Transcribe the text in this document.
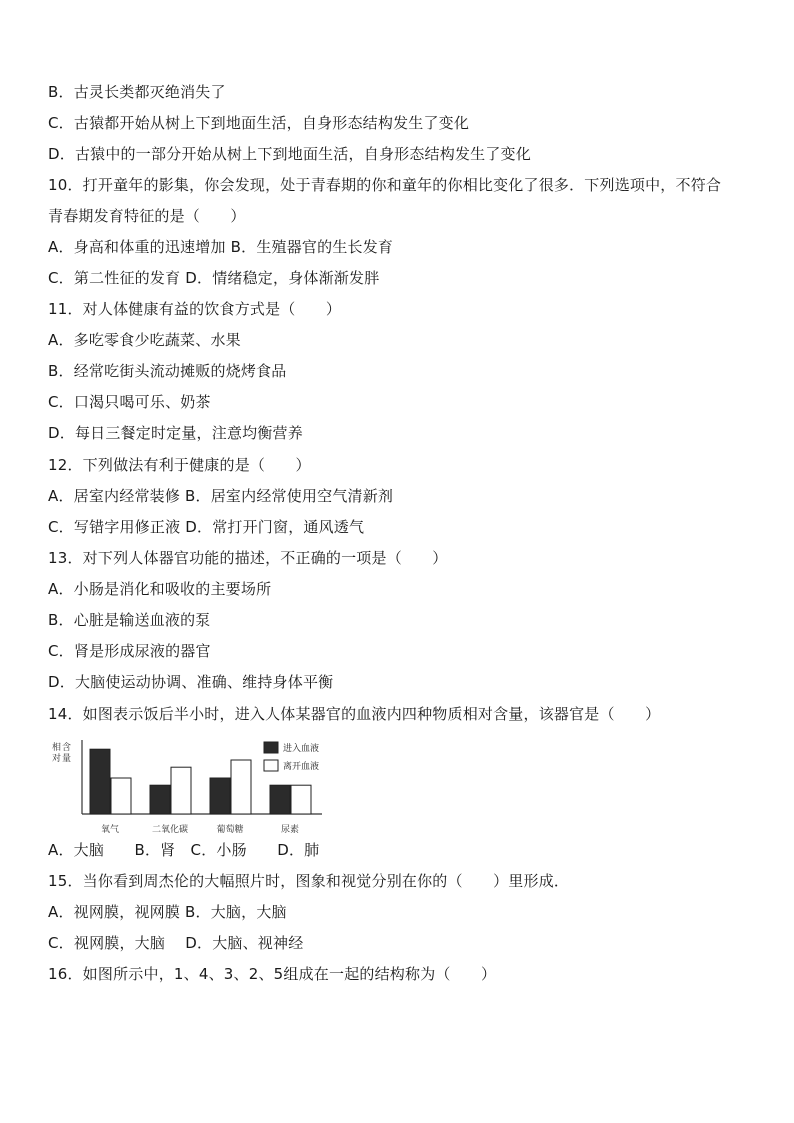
B．古灵长类都灭绝消失了
C．古猿都开始从树上下到地面生活，自身形态结构发生了变化
D．古猿中的一部分开始从树上下到地面生活，自身形态结构发生了变化
10．打开童年的影集，你会发现，处于青春期的你和童年的你相比变化了很多．下列选项中，不符合
青春期发育特征的是（　　）
A．身高和体重的迅速增加 B．生殖器官的生长发育
C．第二性征的发育 D．情绪稳定，身体渐渐发胖
11．对人体健康有益的饮食方式是（　　）
A．多吃零食少吃蔬菜、水果
B．经常吃街头流动摊贩的烧烤食品
C．口渴只喝可乐、奶茶
D．每日三餐定时定量，注意均衡营养
12．下列做法有利于健康的是（　　）
A．居室内经常装修 B．居室内经常使用空气清新剂
C．写错字用修正液 D．常打开门窗，通风透气
13．对下列人体器官功能的描述，不正确的一项是（　　）
A．小肠是消化和吸收的主要场所
B．心脏是输送血液的泵
C．肾是形成尿液的器官
D．大脑使运动协调、准确、维持身体平衡
14．如图表示饭后半小时，进入人体某器官的血液内四种物质相对含量，该器官是（　　）
相
对
含
量
氧气	二氧化碳	葡萄糖	尿素
进入血液
离开血液
A．大脑　　B．肾　C．小肠　　D．肺
15．当你看到周杰伦的大幅照片时，图象和视觉分别在你的（　　）里形成．
A．视网膜，视网膜 B．大脑，大脑
C．视网膜，大脑　 D．大脑、视神经
16．如图所示中，1、4、3、2、5组成在一起的结构称为（　　）
